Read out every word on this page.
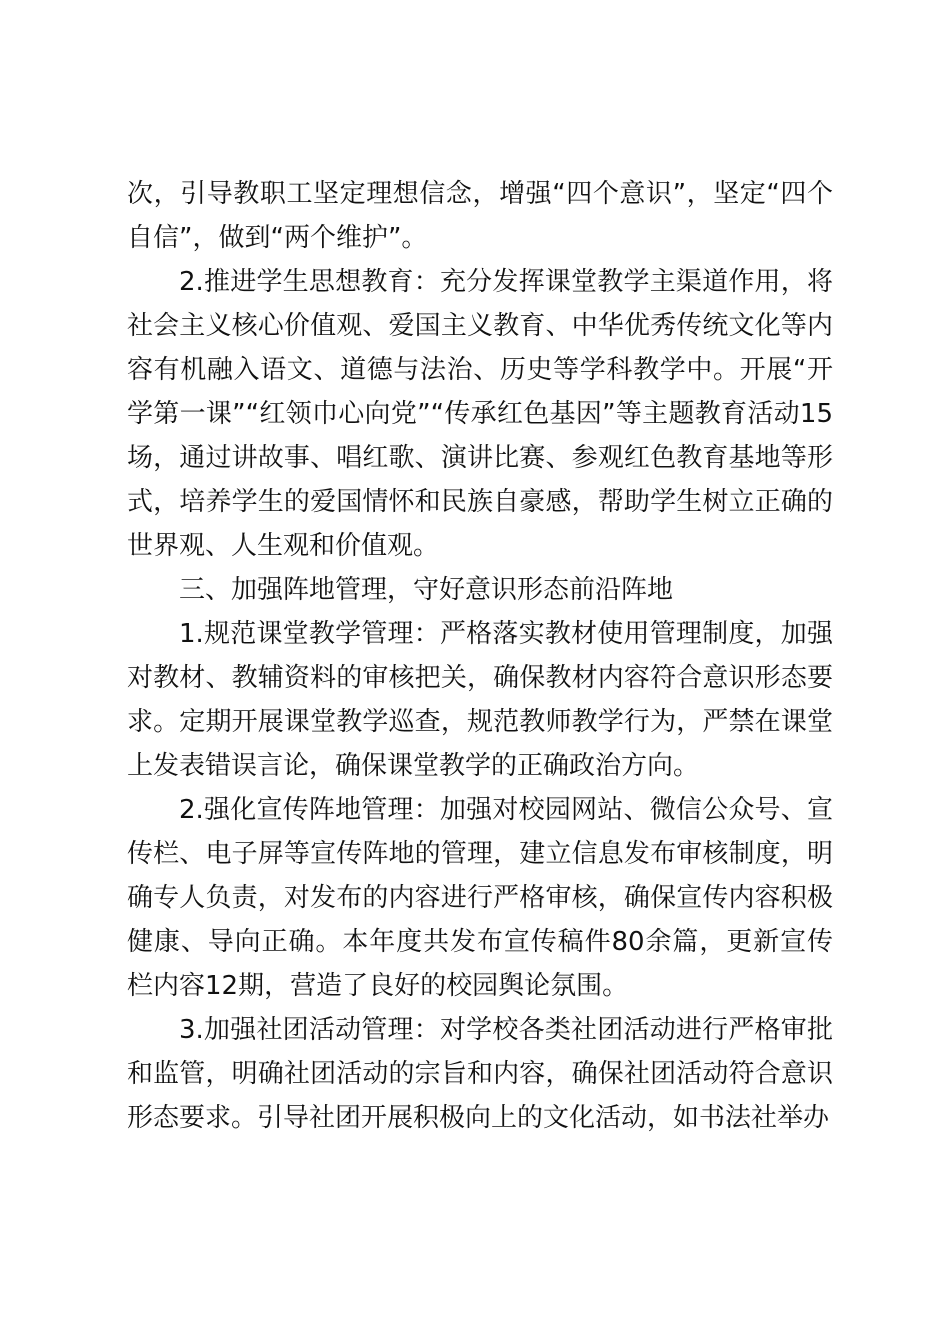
次，引导教职工坚定理想信念，增强“四个意识”，坚定“四个自信”，做到“两个维护”。

2.推进学生思想教育：充分发挥课堂教学主渠道作用，将社会主义核心价值观、爱国主义教育、中华优秀传统文化等内容有机融入语文、道德与法治、历史等学科教学中。开展“开学第一课”“红领巾心向党”“传承红色基因”等主题教育活动15场，通过讲故事、唱红歌、演讲比赛、参观红色教育基地等形式，培养学生的爱国情怀和民族自豪感，帮助学生树立正确的世界观、人生观和价值观。

三、加强阵地管理，守好意识形态前沿阵地

1.规范课堂教学管理：严格落实教材使用管理制度，加强对教材、教辅资料的审核把关，确保教材内容符合意识形态要求。定期开展课堂教学巡查，规范教师教学行为，严禁在课堂上发表错误言论，确保课堂教学的正确政治方向。

2.强化宣传阵地管理：加强对校园网站、微信公众号、宣传栏、电子屏等宣传阵地的管理，建立信息发布审核制度，明确专人负责，对发布的内容进行严格审核，确保宣传内容积极健康、导向正确。本年度共发布宣传稿件80余篇，更新宣传栏内容12期，营造了良好的校园舆论氛围。

3.加强社团活动管理：对学校各类社团活动进行严格审批和监管，明确社团活动的宗旨和内容，确保社团活动符合意识形态要求。引导社团开展积极向上的文化活动，如书法社举办
